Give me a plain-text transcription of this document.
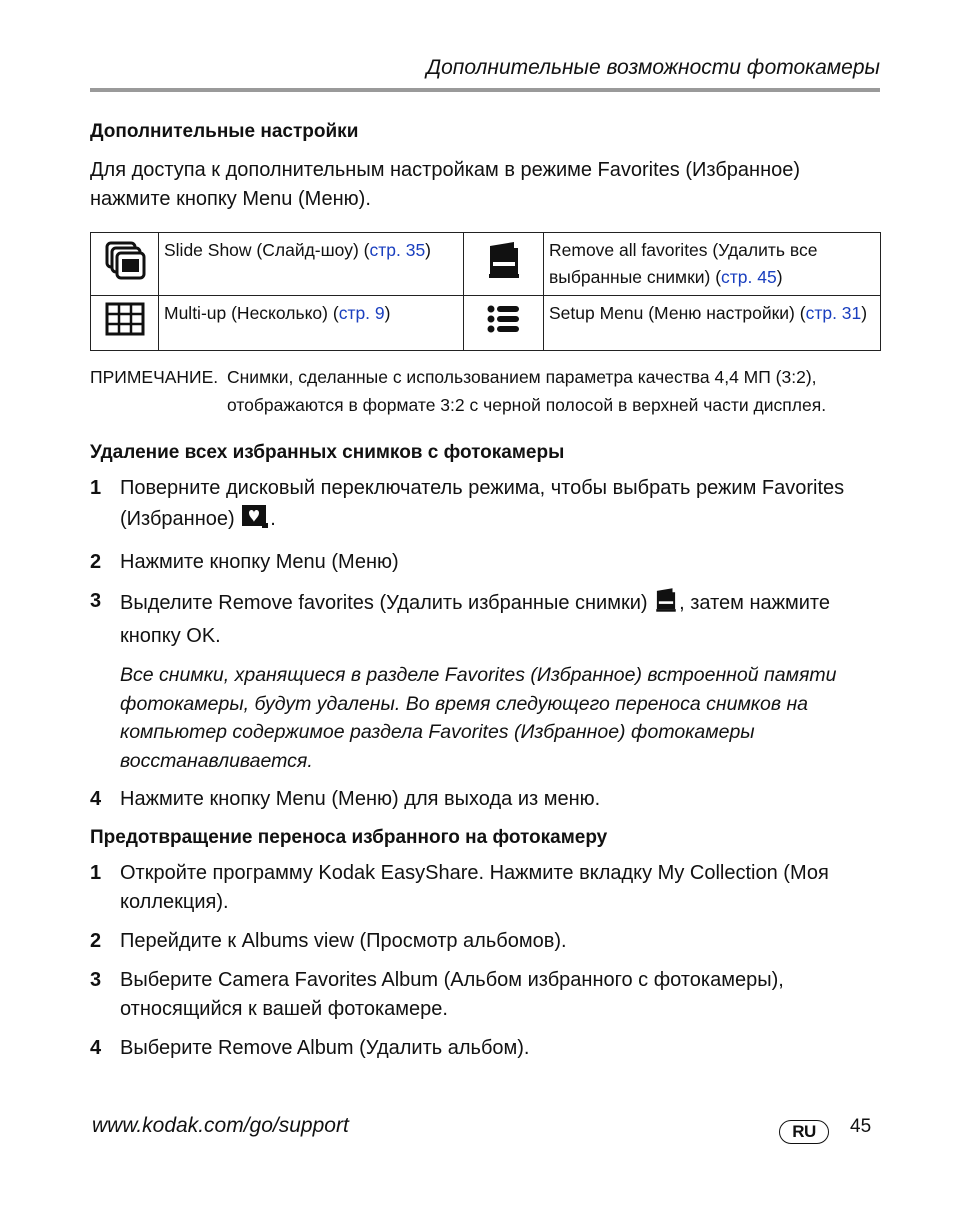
Дополнительные возможности фотокамеры
Дополнительные настройки

Для доступа к дополнительным настройкам в режиме Favorites (Избранное) нажмите кнопку Menu (Меню).

	Slide Show (Слайд-шоу) (стр. 35)		Remove all favorites (Удалить все выбранные снимки) (стр. 45)
	Multi-up (Несколько) (стр. 9)		Setup Menu (Меню настройки) (стр. 31)
ПРИМЕЧАНИЕ. Снимки, сделанные с использованием параметра качества 4,4 МП (3:2), отображаются в формате 3:2 с черной полосой в верхней части дисплея.
Удаление всех избранных снимков с фотокамеры
1 Поверните дисковый переключатель режима, чтобы выбрать режим Favorites (Избранное) .
2 Нажмите кнопку Menu (Меню)
3 Выделите Remove favorites (Удалить избранные снимки) , затем нажмите кнопку OK.

Все снимки, хранящиеся в разделе Favorites (Избранное) встроенной памяти фотокамеры, будут удалены. Во время следующего переноса снимков на компьютер содержимое раздела Favorites (Избранное) фотокамеры восстанавливается.

4 Нажмите кнопку Menu (Меню) для выхода из меню.
Предотвращение переноса избранного на фотокамеру
1 Откройте программу Kodak EasyShare. Нажмите вкладку My Collection (Моя коллекция).
2 Перейдите к Albums view (Просмотр альбомов).
3 Выберите Camera Favorites Album (Альбом избранного с фотокамеры), относящийся к вашей фотокамере.
4 Выберите Remove Album (Удалить альбом).
www.kodak.com/go/support	RU	45
